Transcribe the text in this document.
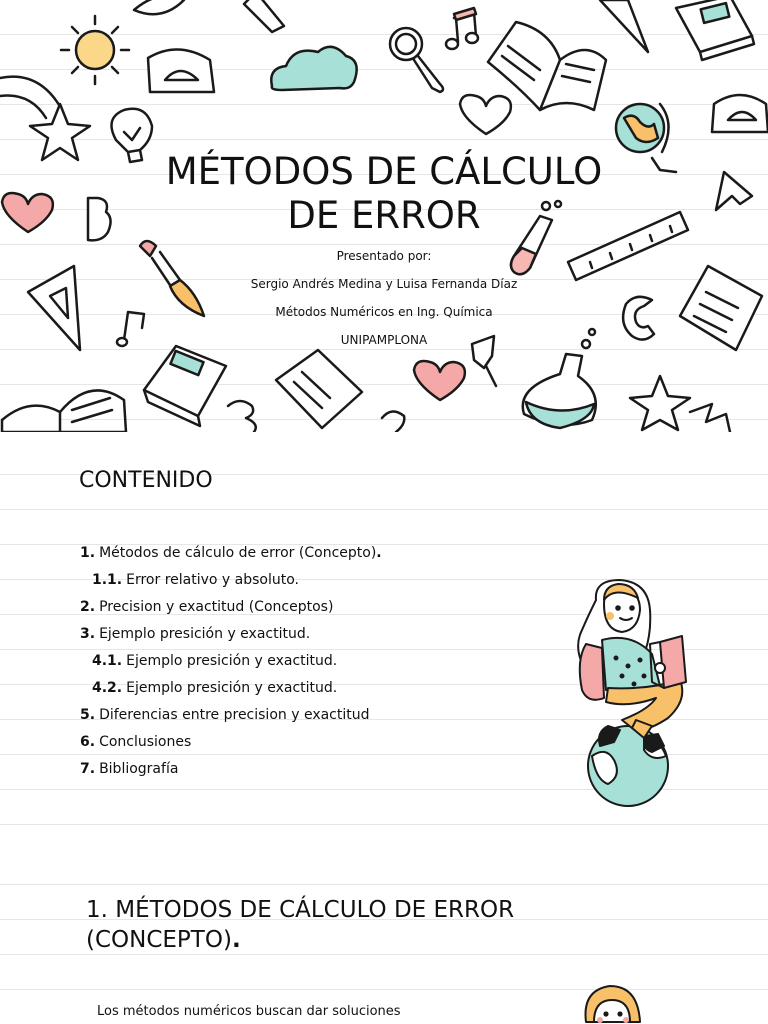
MÉTODOS DE CÁLCULO
DE ERROR
Presentado por:
Sergio Andrés Medina y Luisa Fernanda Díaz
Métodos Numéricos en Ing. Química
UNIPAMPLONA
CONTENIDO
1. Métodos de cálculo de error (Concepto).
1.1. Error relativo y absoluto.
2. Precision y exactitud (Conceptos)
3. Ejemplo presición y exactitud.
4.1. Ejemplo presición y exactitud.
4.2. Ejemplo presición y exactitud.
5. Diferencias entre precision y exactitud
6. Conclusiones
7. Bibliografía
1. MÉTODOS DE CÁLCULO DE ERROR
(CONCEPTO).
Los métodos numéricos buscan dar soluciones
